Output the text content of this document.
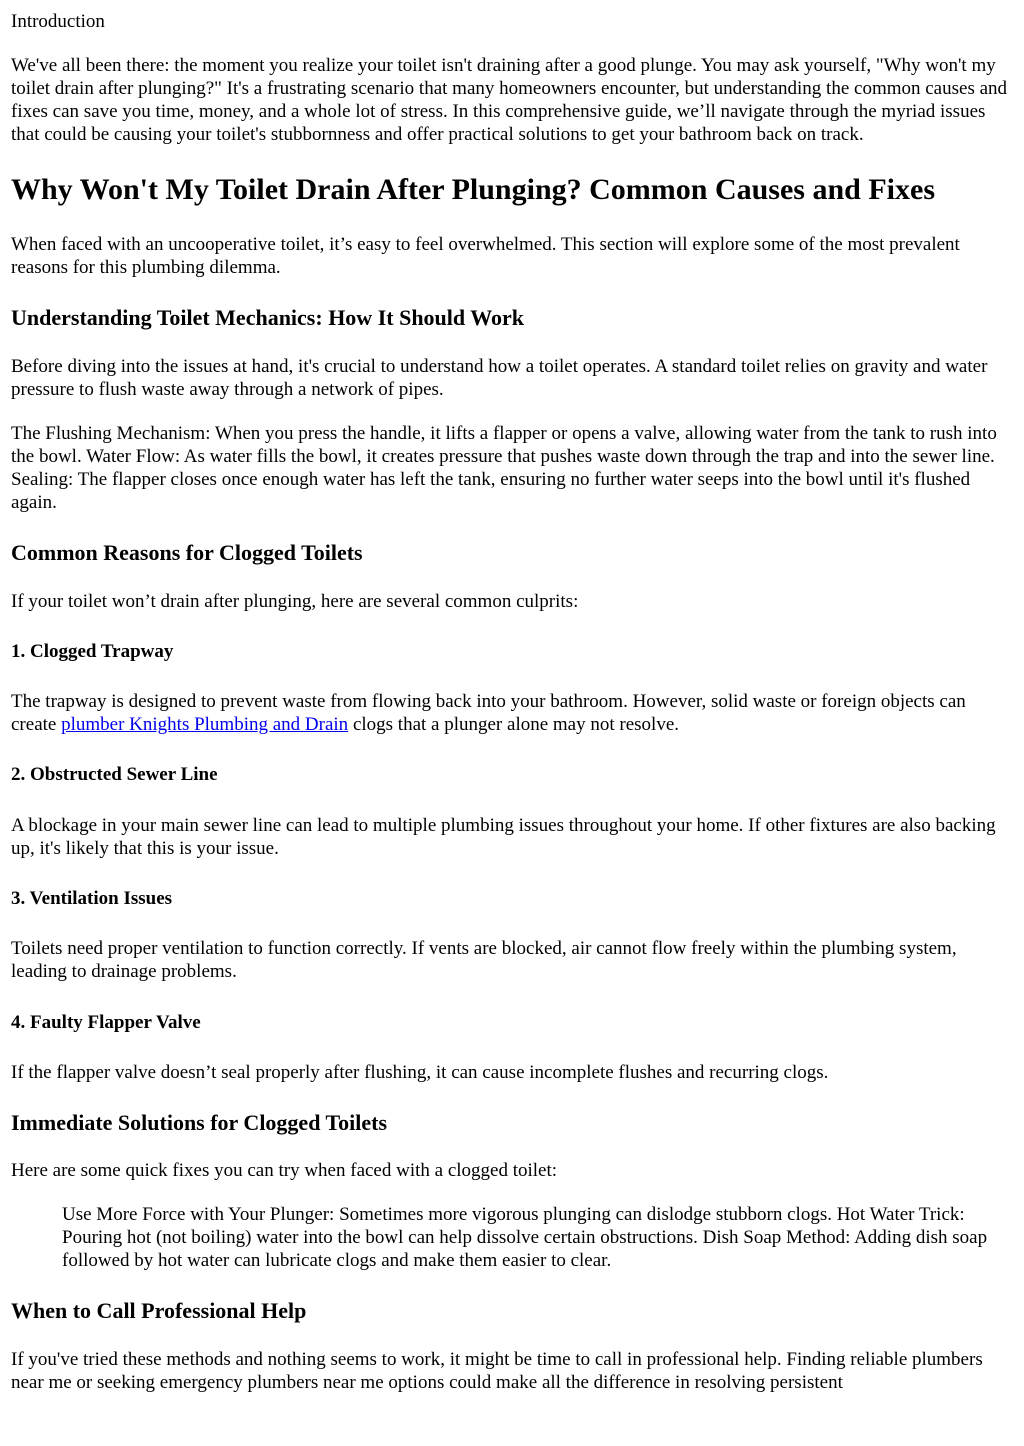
Introduction

We've all been there: the moment you realize your toilet isn't draining after a good plunge. You may ask yourself, "Why won't my toilet drain after plunging?" It's a frustrating scenario that many homeowners encounter, but understanding the common causes and fixes can save you time, money, and a whole lot of stress. In this comprehensive guide, we’ll navigate through the myriad issues that could be causing your toilet's stubbornness and offer practical solutions to get your bathroom back on track.

Why Won't My Toilet Drain After Plunging? Common Causes and Fixes

When faced with an uncooperative toilet, it’s easy to feel overwhelmed. This section will explore some of the most prevalent reasons for this plumbing dilemma.

Understanding Toilet Mechanics: How It Should Work

Before diving into the issues at hand, it's crucial to understand how a toilet operates. A standard toilet relies on gravity and water pressure to flush waste away through a network of pipes.

The Flushing Mechanism: When you press the handle, it lifts a flapper or opens a valve, allowing water from the tank to rush into the bowl. Water Flow: As water fills the bowl, it creates pressure that pushes waste down through the trap and into the sewer line. Sealing: The flapper closes once enough water has left the tank, ensuring no further water seeps into the bowl until it's flushed again.

Common Reasons for Clogged Toilets

If your toilet won’t drain after plunging, here are several common culprits:

1. Clogged Trapway

The trapway is designed to prevent waste from flowing back into your bathroom. However, solid waste or foreign objects can create plumber Knights Plumbing and Drain clogs that a plunger alone may not resolve.

2. Obstructed Sewer Line

A blockage in your main sewer line can lead to multiple plumbing issues throughout your home. If other fixtures are also backing up, it's likely that this is your issue.

3. Ventilation Issues

Toilets need proper ventilation to function correctly. If vents are blocked, air cannot flow freely within the plumbing system, leading to drainage problems.

4. Faulty Flapper Valve

If the flapper valve doesn’t seal properly after flushing, it can cause incomplete flushes and recurring clogs.

Immediate Solutions for Clogged Toilets

Here are some quick fixes you can try when faced with a clogged toilet:

Use More Force with Your Plunger: Sometimes more vigorous plunging can dislodge stubborn clogs. Hot Water Trick: Pouring hot (not boiling) water into the bowl can help dissolve certain obstructions. Dish Soap Method: Adding dish soap followed by hot water can lubricate clogs and make them easier to clear.

When to Call Professional Help

If you've tried these methods and nothing seems to work, it might be time to call in professional help. Finding reliable plumbers near me or seeking emergency plumbers near me options could make all the difference in resolving persistent
